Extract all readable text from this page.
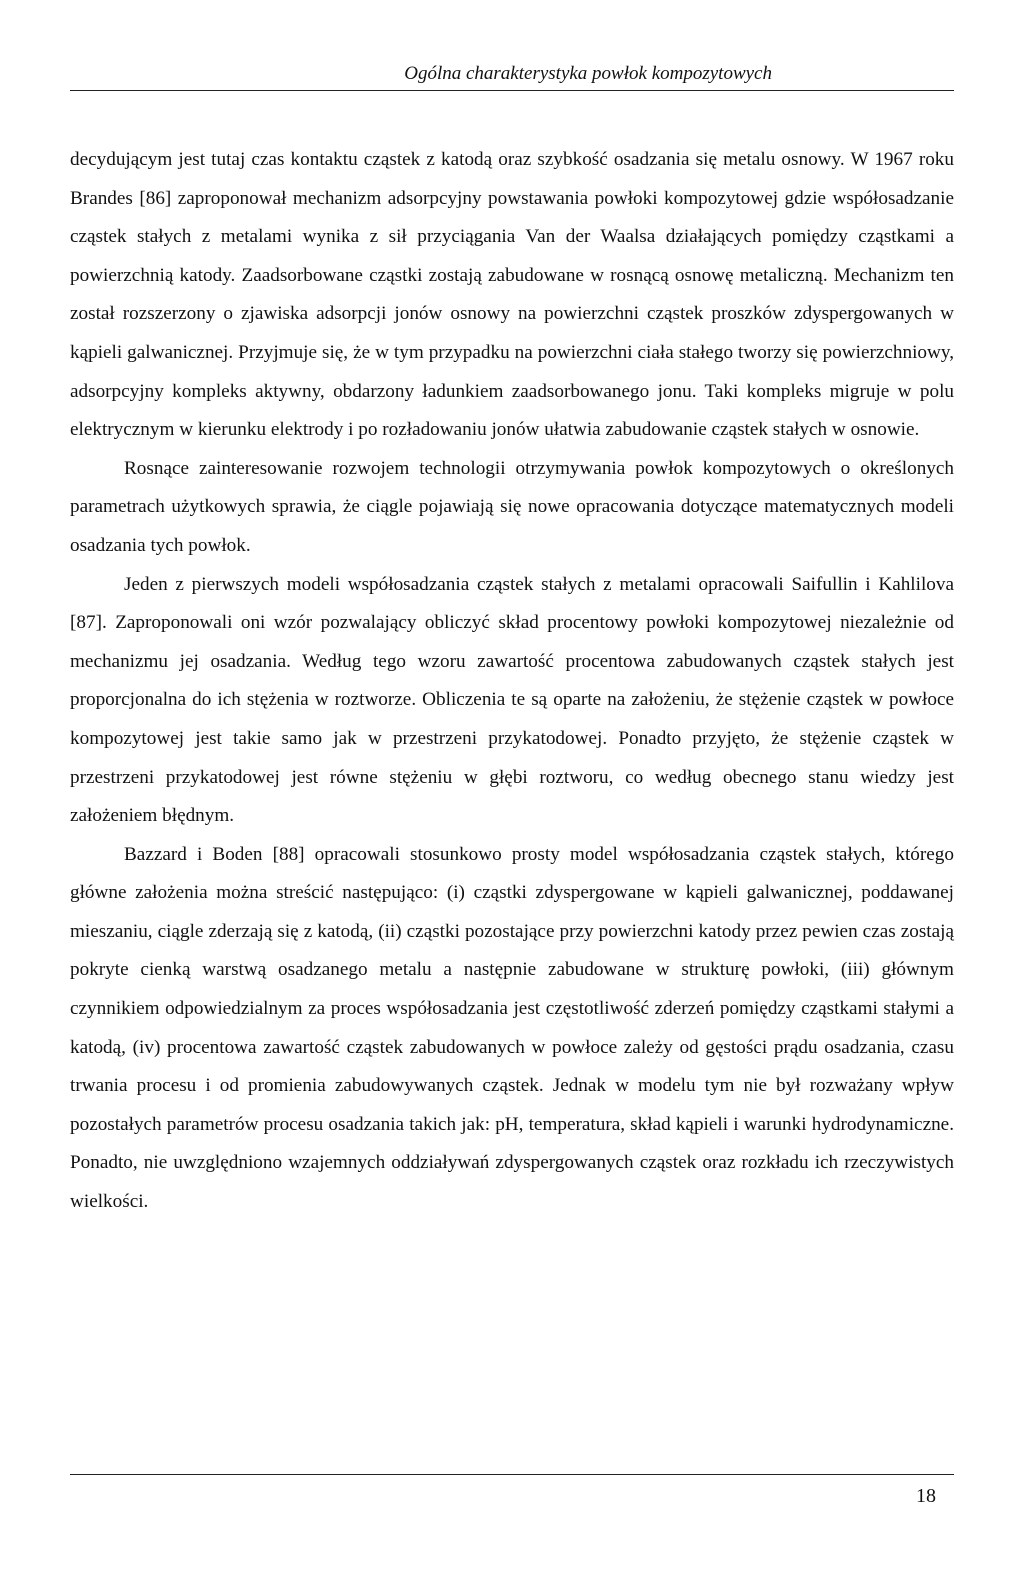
Ogólna charakterystyka powłok kompozytowych

decydującym jest tutaj czas kontaktu cząstek z katodą oraz szybkość osadzania się metalu osnowy. W 1967 roku Brandes [86] zaproponował mechanizm adsorpcyjny powstawania powłoki kompozytowej gdzie współosadzanie cząstek stałych z metalami wynika z sił przyciągania Van der Waalsa działających pomiędzy cząstkami a powierzchnią katody. Zaadsorbowane cząstki zostają zabudowane w rosnącą osnowę metaliczną. Mechanizm ten został rozszerzony o zjawiska adsorpcji jonów osnowy na powierzchni cząstek proszków zdyspergowanych w kąpieli galwanicznej. Przyjmuje się, że w tym przypadku na powierzchni ciała stałego tworzy się powierzchniowy, adsorpcyjny kompleks aktywny, obdarzony ładunkiem zaadsorbowanego jonu. Taki kompleks migruje w polu elektrycznym w kierunku elektrody i po rozładowaniu jonów ułatwia zabudowanie cząstek stałych w osnowie.

Rosnące zainteresowanie rozwojem technologii otrzymywania powłok kompozytowych o określonych parametrach użytkowych sprawia, że ciągle pojawiają się nowe opracowania dotyczące matematycznych modeli osadzania tych powłok.

Jeden z pierwszych modeli współosadzania cząstek stałych z metalami opracowali Saifullin i Kahlilova [87]. Zaproponowali oni wzór pozwalający obliczyć skład procentowy powłoki kompozytowej niezależnie od mechanizmu jej osadzania. Według tego wzoru zawartość procentowa zabudowanych cząstek stałych jest proporcjonalna do ich stężenia w roztworze. Obliczenia te są oparte na założeniu, że stężenie cząstek w powłoce kompozytowej jest takie samo jak w przestrzeni przykatodowej. Ponadto przyjęto, że stężenie cząstek w przestrzeni przykatodowej jest równe stężeniu w głębi roztworu, co według obecnego stanu wiedzy jest założeniem błędnym.

Bazzard i Boden [88] opracowali stosunkowo prosty model współosadzania cząstek stałych, którego główne założenia można streścić następująco: (i) cząstki zdyspergowane w kąpieli galwanicznej, poddawanej mieszaniu, ciągle zderzają się z katodą, (ii) cząstki pozostające przy powierzchni katody przez pewien czas zostają pokryte cienką warstwą osadzanego metalu a następnie zabudowane w strukturę powłoki, (iii) głównym czynnikiem odpowiedzialnym za proces współosadzania jest częstotliwość zderzeń pomiędzy cząstkami stałymi a katodą, (iv) procentowa zawartość cząstek zabudowanych w powłoce zależy od gęstości prądu osadzania, czasu trwania procesu i od promienia zabudowywanych cząstek. Jednak w modelu tym nie był rozważany wpływ pozostałych parametrów procesu osadzania takich jak: pH, temperatura, skład kąpieli i warunki hydrodynamiczne. Ponadto, nie uwzględniono wzajemnych oddziaływań zdyspergowanych cząstek oraz rozkładu ich rzeczywistych wielkości.

18
